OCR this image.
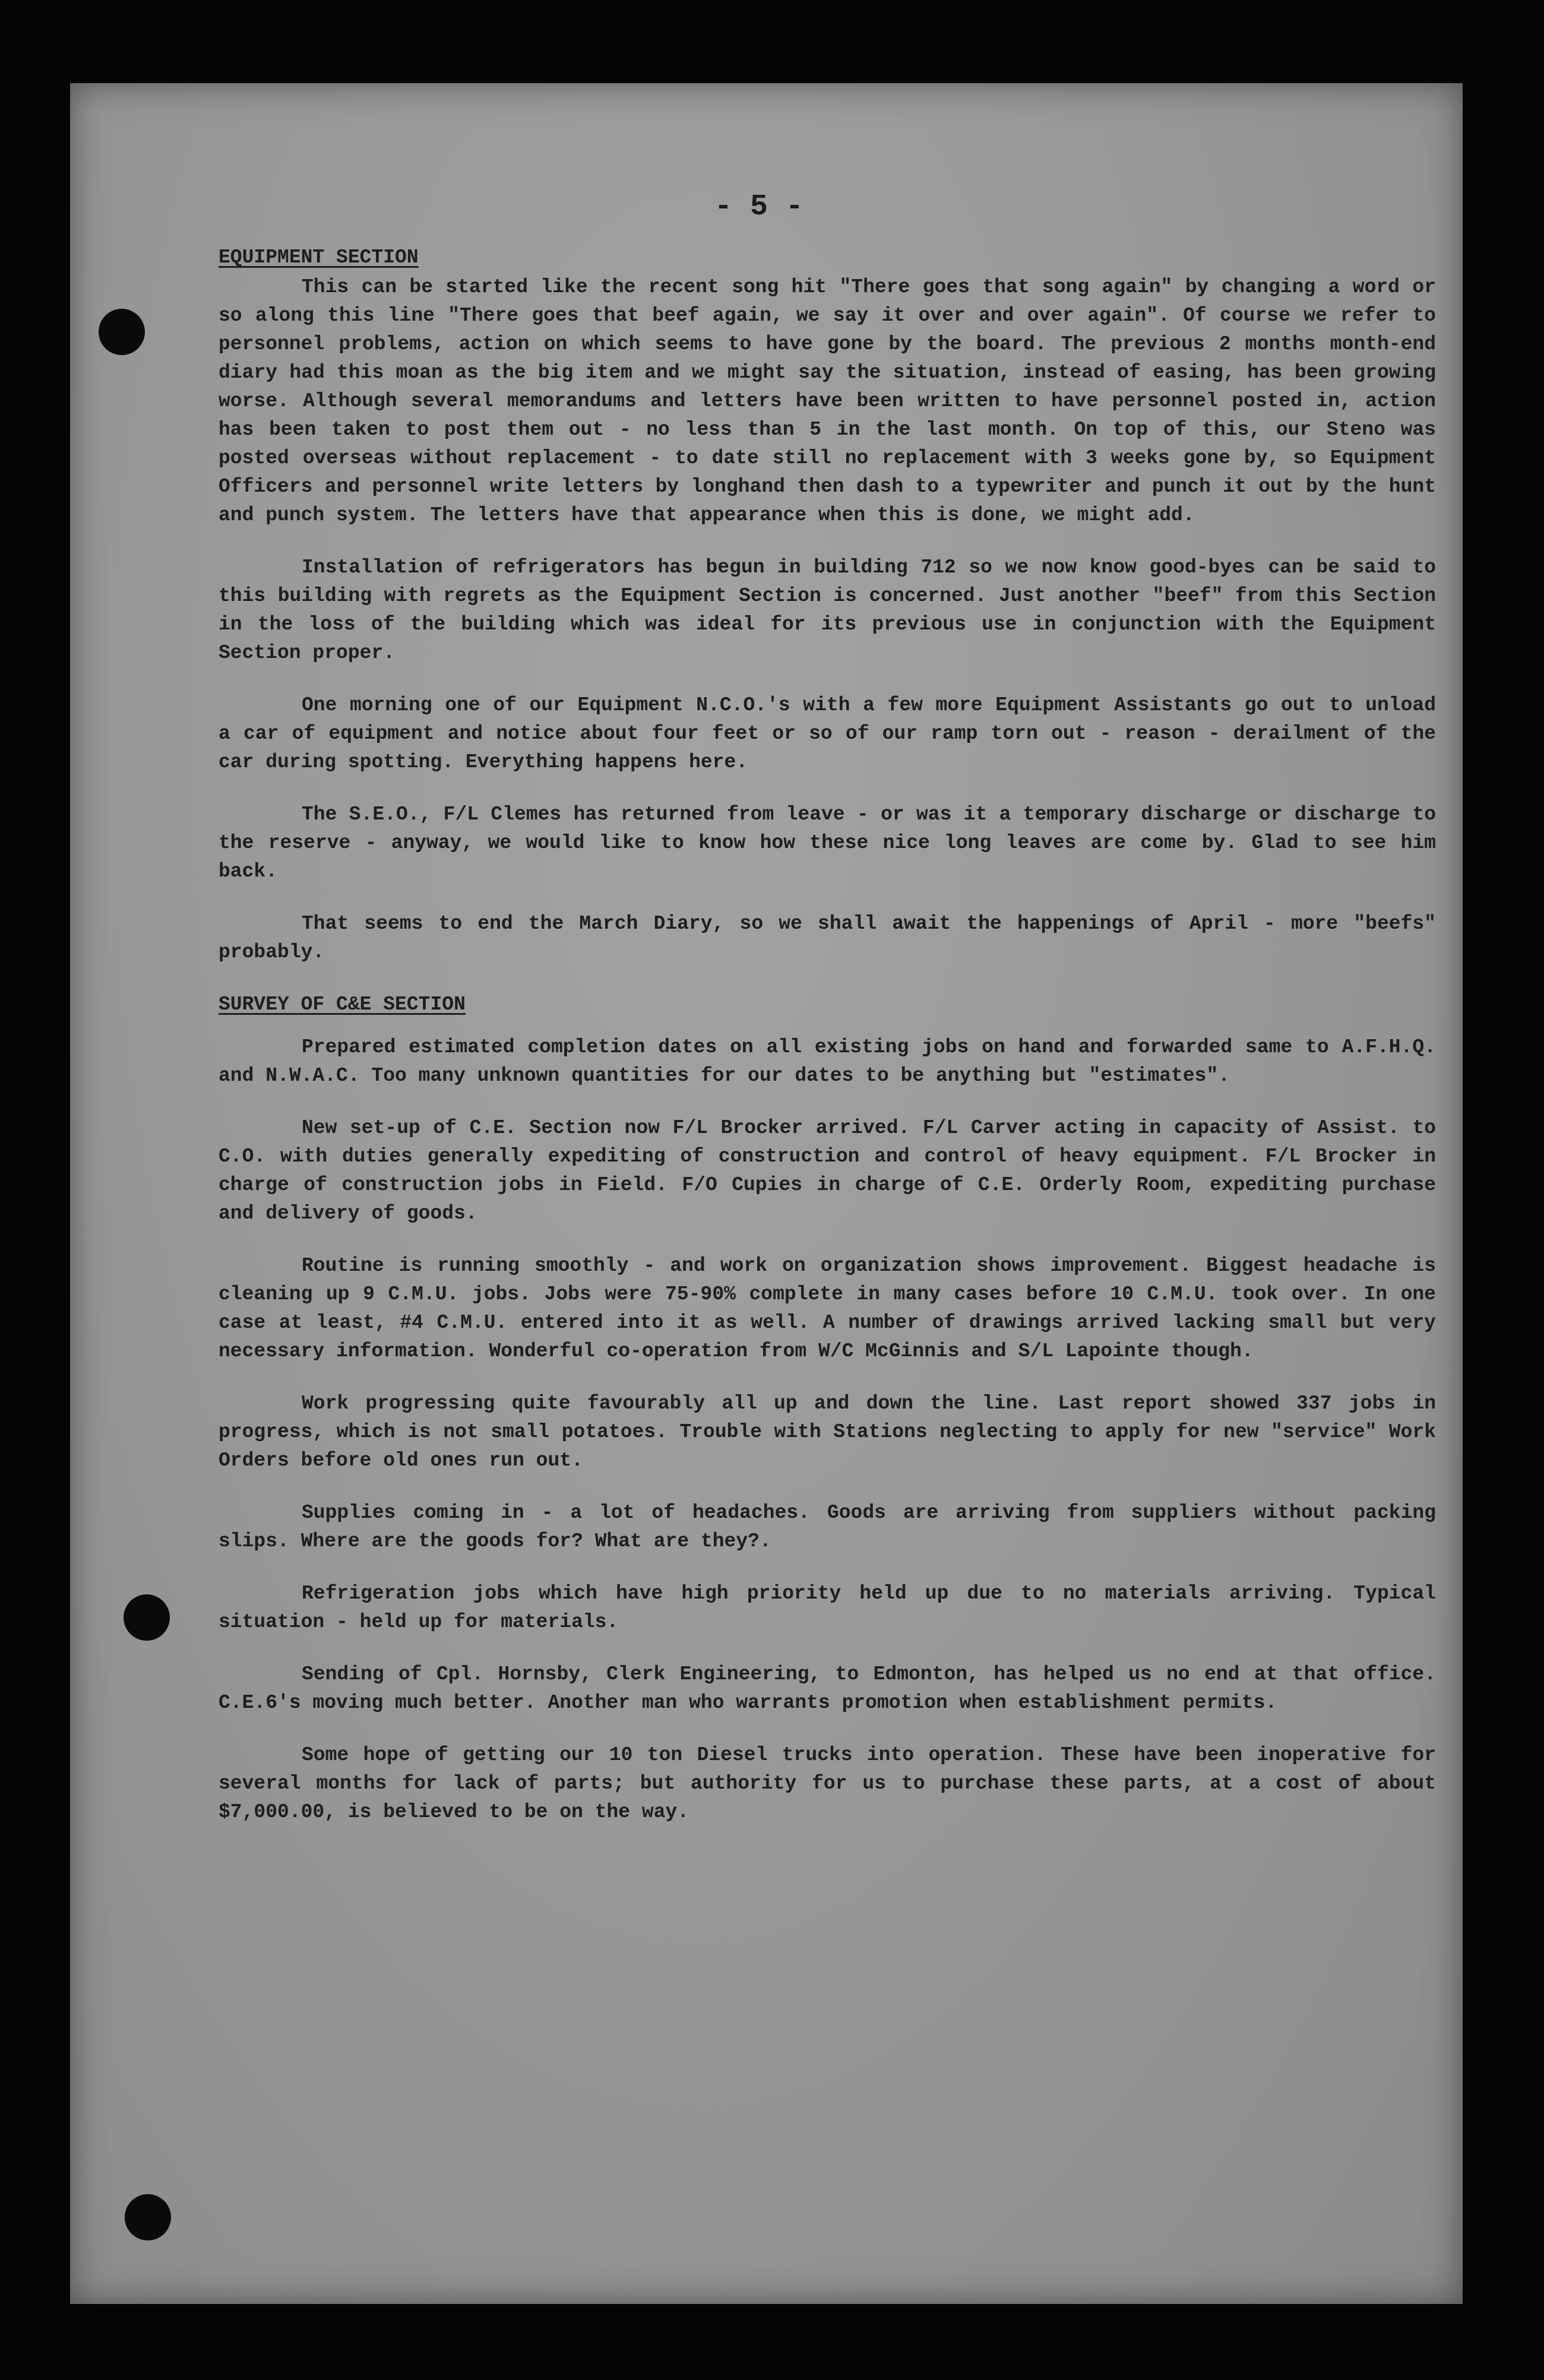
- 5 -

EQUIPMENT SECTION

This can be started like the recent song hit "There goes that song again" by changing a word or so along this line "There goes that beef again, we say it over and over again". Of course we refer to personnel problems, action on which seems to have gone by the board. The previous 2 months month-end diary had this moan as the big item and we might say the situation, instead of easing, has been growing worse. Although several memorandums and letters have been written to have personnel posted in, action has been taken to post them out - no less than 5 in the last month. On top of this, our Steno was posted overseas without replacement - to date still no replacement with 3 weeks gone by, so Equipment Officers and personnel write letters by longhand then dash to a typewriter and punch it out by the hunt and punch system. The letters have that appearance when this is done, we might add.

Installation of refrigerators has begun in building 712 so we now know good-byes can be said to this building with regrets as the Equipment Section is concerned. Just another "beef" from this Section in the loss of the building which was ideal for its previous use in conjunction with the Equipment Section proper.

One morning one of our Equipment N.C.O.'s with a few more Equipment Assistants go out to unload a car of equipment and notice about four feet or so of our ramp torn out - reason - derailment of the car during spotting. Everything happens here.

The S.E.O., F/L Clemes has returned from leave - or was it a temporary discharge or discharge to the reserve - anyway, we would like to know how these nice long leaves are come by. Glad to see him back.

That seems to end the March Diary, so we shall await the happenings of April - more "beefs" probably.

SURVEY OF C&E SECTION

Prepared estimated completion dates on all existing jobs on hand and forwarded same to A.F.H.Q. and N.W.A.C. Too many unknown quantities for our dates to be anything but "estimates".

New set-up of C.E. Section now F/L Brocker arrived. F/L Carver acting in capacity of Assist. to C.O. with duties generally expediting of construction and control of heavy equipment. F/L Brocker in charge of construction jobs in Field. F/O Cupies in charge of C.E. Orderly Room, expediting purchase and delivery of goods.

Routine is running smoothly - and work on organization shows improvement. Biggest headache is cleaning up 9 C.M.U. jobs. Jobs were 75-90% complete in many cases before 10 C.M.U. took over. In one case at least, #4 C.M.U. entered into it as well. A number of drawings arrived lacking small but very necessary information. Wonderful co-operation from W/C McGinnis and S/L Lapointe though.

Work progressing quite favourably all up and down the line. Last report showed 337 jobs in progress, which is not small potatoes. Trouble with Stations neglecting to apply for new "service" Work Orders before old ones run out.

Supplies coming in - a lot of headaches. Goods are arriving from suppliers without packing slips. Where are the goods for? What are they?.

Refrigeration jobs which have high priority held up due to no materials arriving. Typical situation - held up for materials.

Sending of Cpl. Hornsby, Clerk Engineering, to Edmonton, has helped us no end at that office. C.E.6's moving much better. Another man who warrants promotion when establishment permits.

Some hope of getting our 10 ton Diesel trucks into operation. These have been inoperative for several months for lack of parts; but authority for us to purchase these parts, at a cost of about $7,000.00, is believed to be on the way.
